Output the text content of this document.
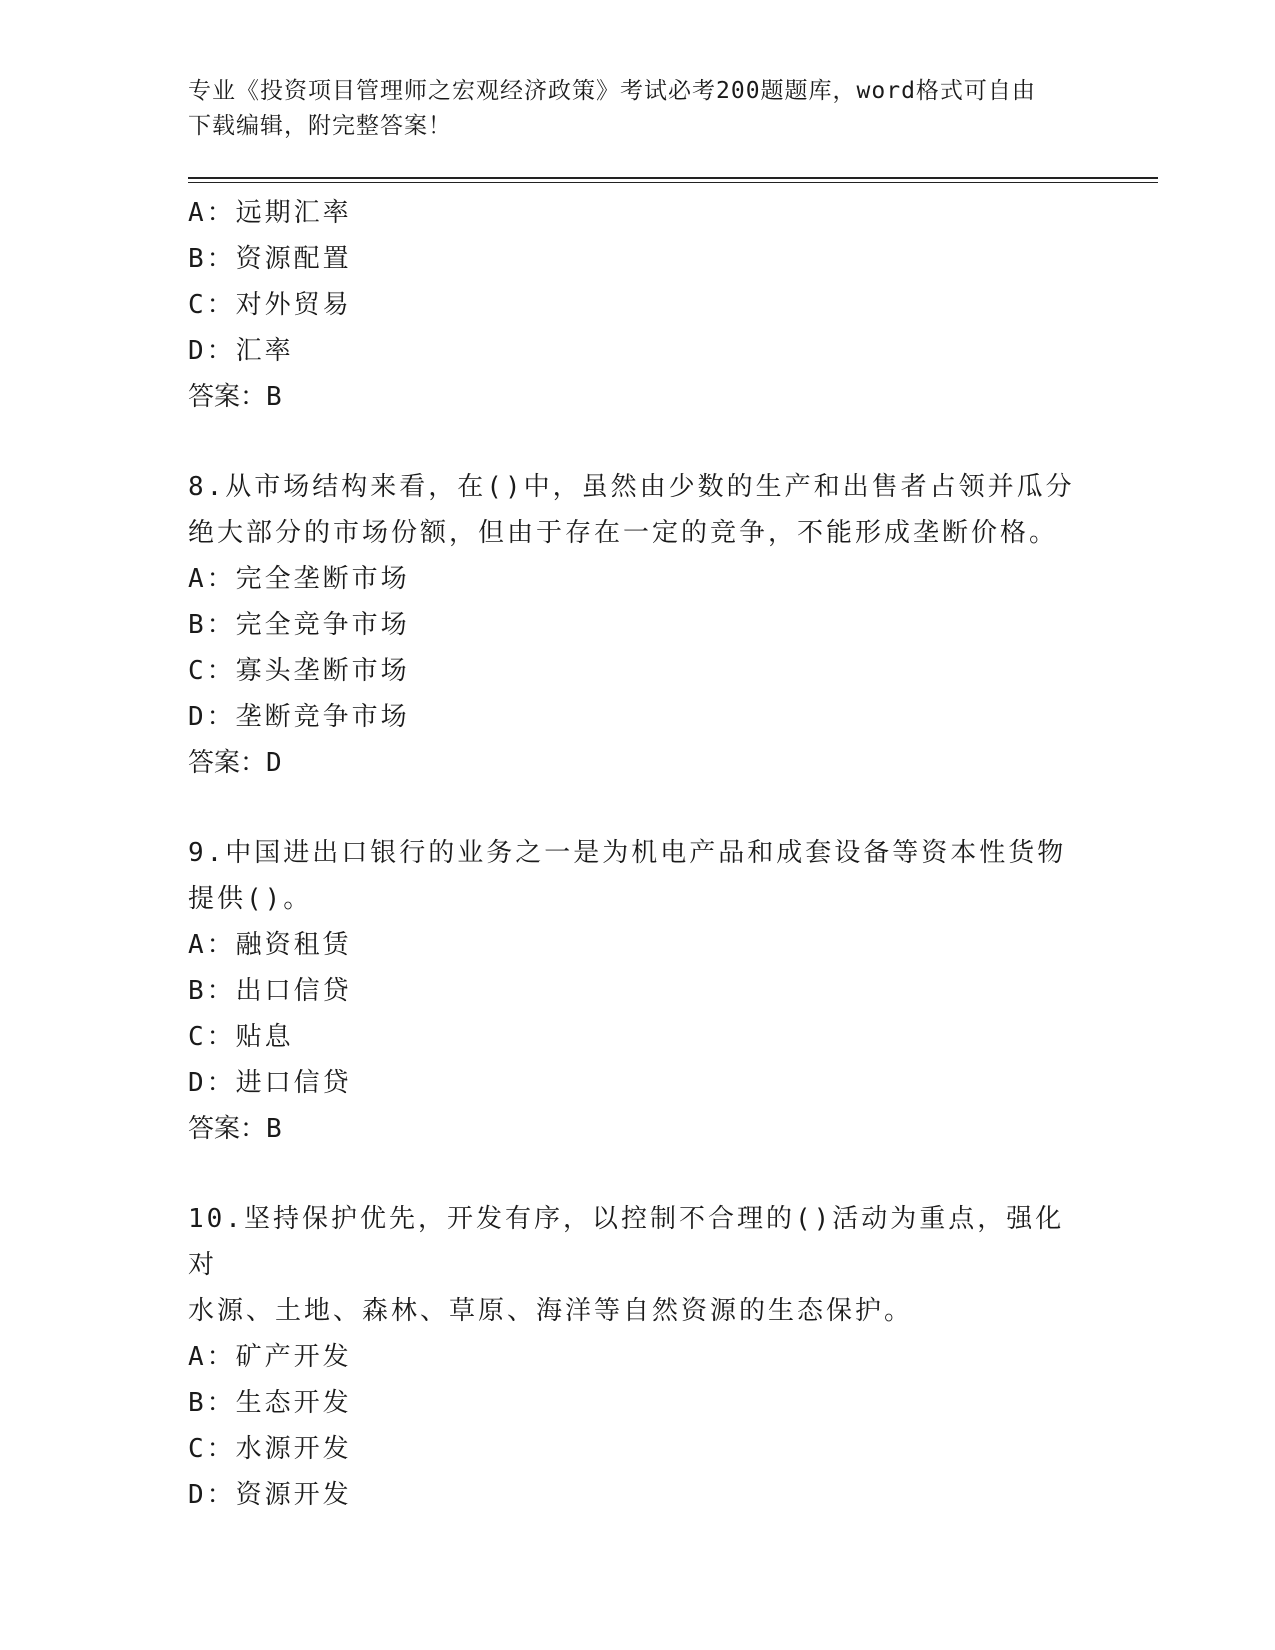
专业《投资项目管理师之宏观经济政策》考试必考200题题库，word格式可自由
下载编辑，附完整答案！
A：远期汇率
B：资源配置
C：对外贸易
D：汇率
答案：B
8.从市场结构来看，在()中，虽然由少数的生产和出售者占领并瓜分
绝大部分的市场份额，但由于存在一定的竞争，不能形成垄断价格。
A：完全垄断市场
B：完全竞争市场
C：寡头垄断市场
D：垄断竞争市场
答案：D
9.中国进出口银行的业务之一是为机电产品和成套设备等资本性货物
提供()。
A：融资租赁
B：出口信贷
C：贴息
D：进口信贷
答案：B
10.坚持保护优先，开发有序，以控制不合理的()活动为重点，强化对
水源、土地、森林、草原、海洋等自然资源的生态保护。
A：矿产开发
B：生态开发
C：水源开发
D：资源开发
